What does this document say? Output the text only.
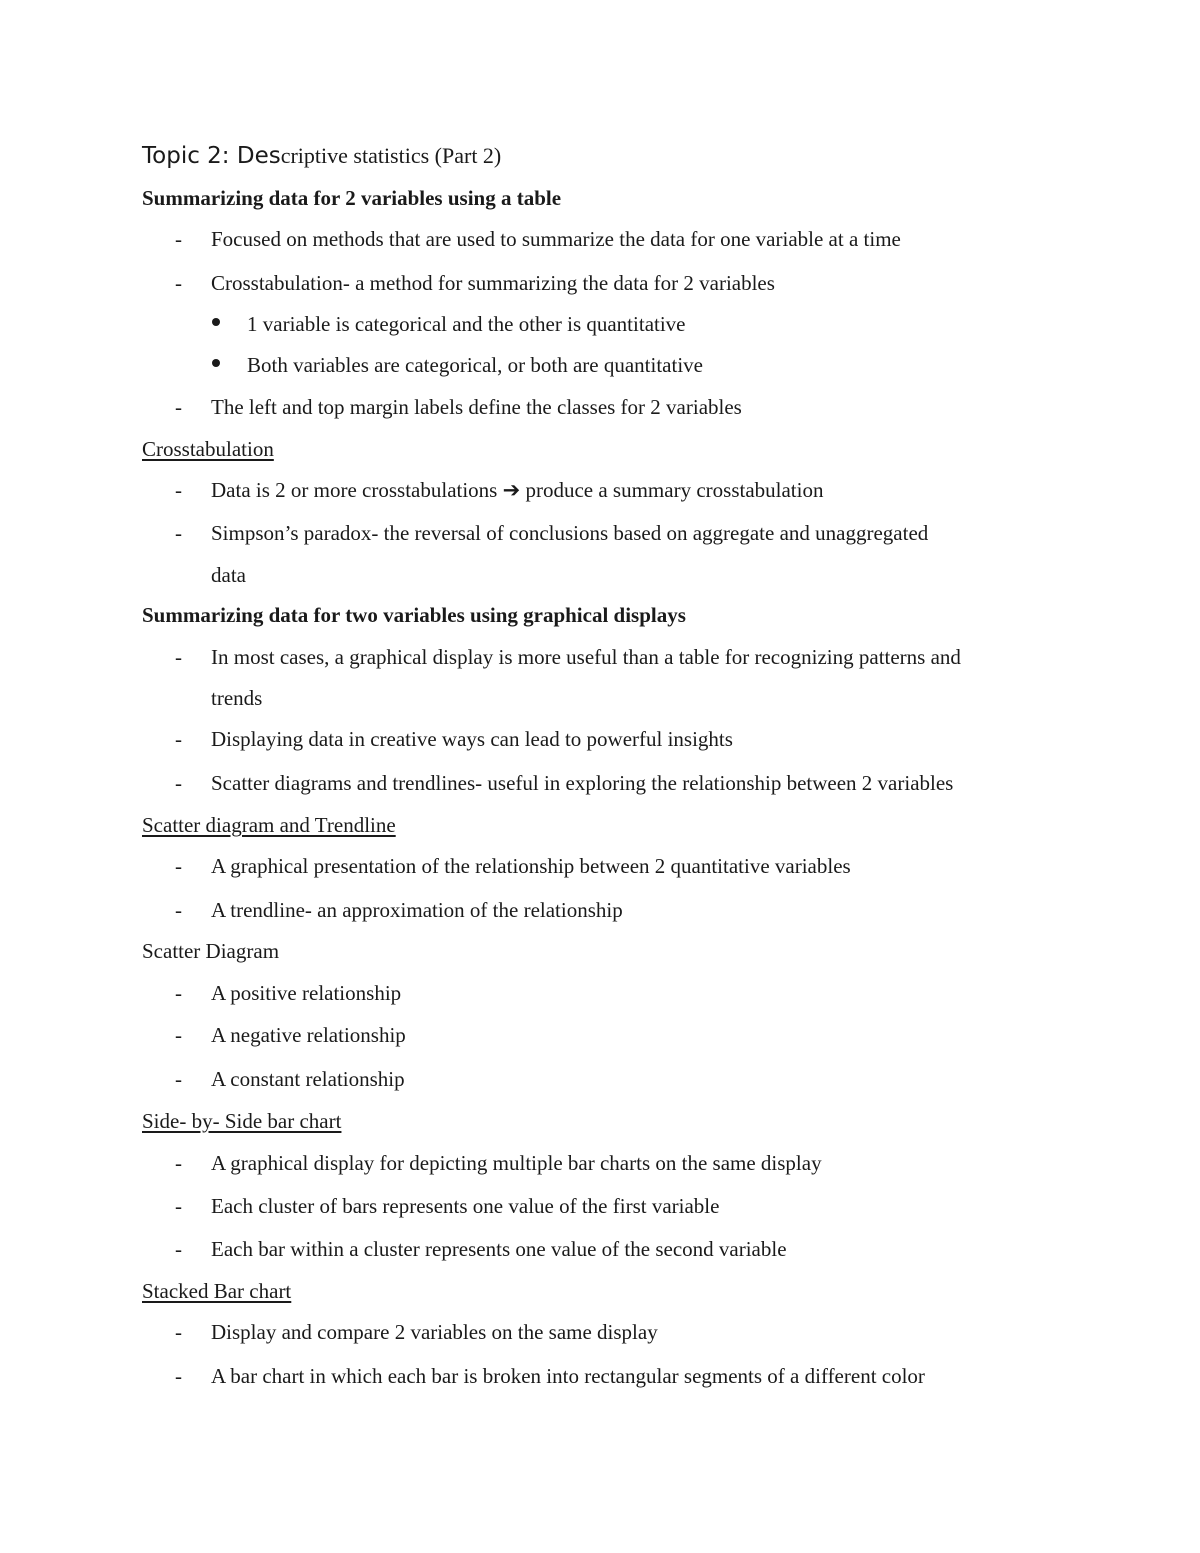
Topic 2: Descriptive statistics (Part 2)
Summarizing data for 2 variables using a table
- Focused on methods that are used to summarize the data for one variable at a time
- Crosstabulation- a method for summarizing the data for 2 variables
1 variable is categorical and the other is quantitative
Both variables are categorical, or both are quantitative
- The left and top margin labels define the classes for 2 variables
Crosstabulation
- Data is 2 or more crosstabulations ➔ produce a summary crosstabulation
- Simpson’s paradox- the reversal of conclusions based on aggregate and unaggregated
data
Summarizing data for two variables using graphical displays
- In most cases, a graphical display is more useful than a table for recognizing patterns and
trends
- Displaying data in creative ways can lead to powerful insights
- Scatter diagrams and trendlines- useful in exploring the relationship between 2 variables
Scatter diagram and Trendline
- A graphical presentation of the relationship between 2 quantitative variables
- A trendline- an approximation of the relationship
Scatter Diagram
- A positive relationship
- A negative relationship
- A constant relationship
Side- by- Side bar chart
- A graphical display for depicting multiple bar charts on the same display
- Each cluster of bars represents one value of the first variable
- Each bar within a cluster represents one value of the second variable
Stacked Bar chart
- Display and compare 2 variables on the same display
- A bar chart in which each bar is broken into rectangular segments of a different color
